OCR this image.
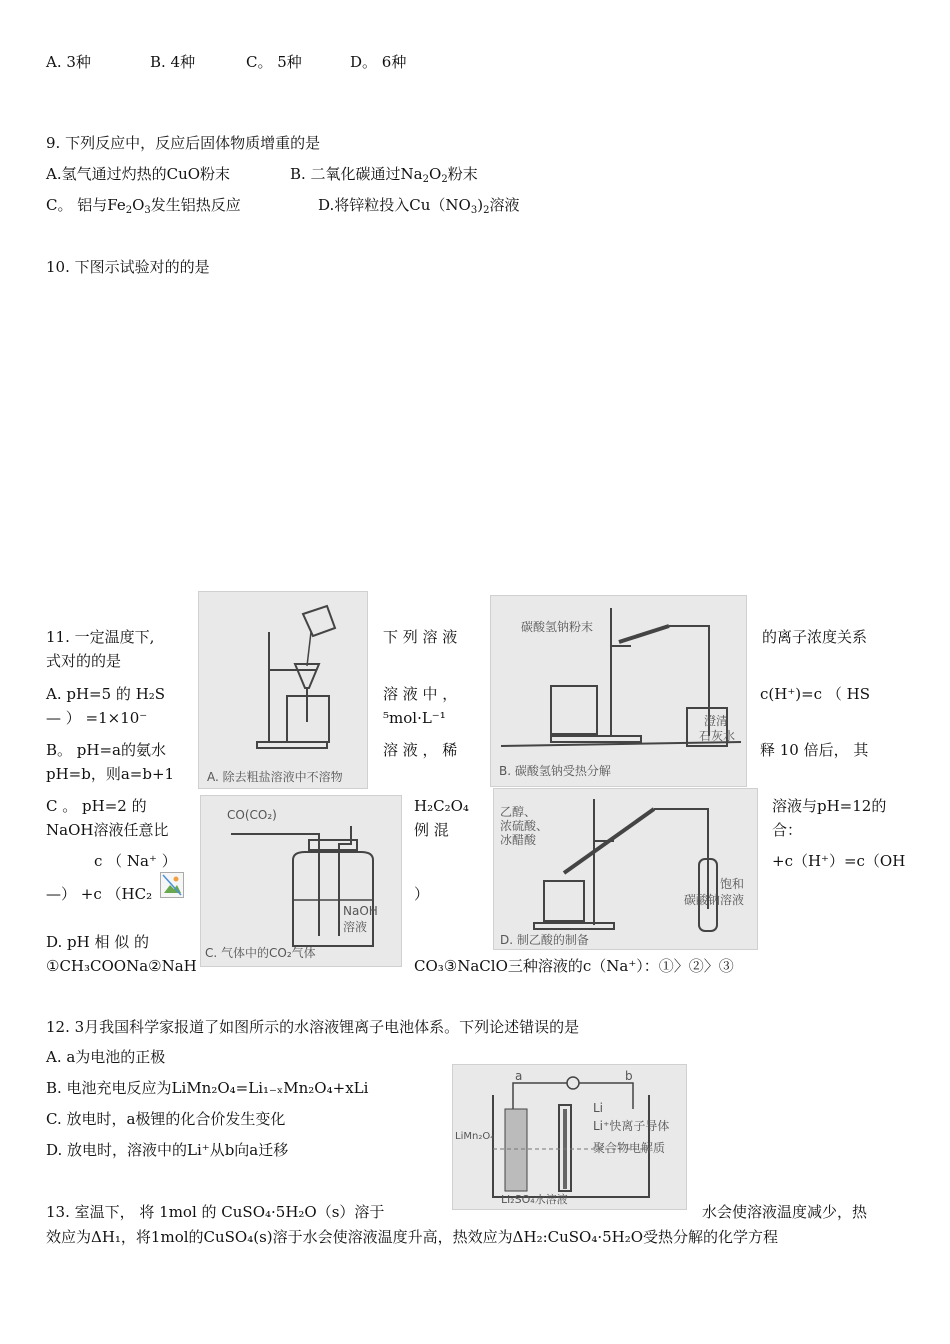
A. 3种	B. 4种	C。 5种	D。 6种
9. 下列反应中，反应后固体物质增重的是
A.氢气通过灼热的CuO粉末	B. 二氧化碳通过$Na_2O_2$粉末
C。 铝与$Fe_2O_3$发生铝热反应	D.将锌粒投入$Cu(NO_3)_2$溶液
10. 下图示试验对的的是
A. 除去粗盐溶液中不溶物
碳酸氢钠粉末
澄清
石灰水
B. 碳酸氢钠受热分解
CO(CO₂)
NaOH
溶液
C. 气体中的CO₂气体
乙醇、
浓硫酸、
冰醋酸
饱和
碳酸钠溶液
D. 制乙酸的制备
11. 一定温度下,	下 列 溶 液	的离子浓度关系
式对的的是
A. pH=5 的 H₂S	溶 液 中 ，	c(H⁺)=c （ HS
— ） =1×10⁻	⁵mol·L⁻¹
B。 pH=a的氨水	溶 液 ， 稀	释 10 倍后， 其
pH=b，则a=b+1
C 。 pH=2 的	H₂C₂O₄	溶液与pH=12的
NaOH溶液任意比	例 混	合：
c （ Na⁺ ）	+c（H⁺）=c（OH
—） +c （HC₂	）
D. pH 相 似 的
①CH₃COONa②NaH	CO₃③NaClO三种溶液的c（Na⁺）：①〉②〉③
12. 3月我国科学家报道了如图所示的水溶液锂离子电池体系。下列论述错误的是
A. a为电池的正极
B. 电池充电反应为LiMn₂O₄=Li₁₋ₓMn₂O₄+xLi
C. 放电时，a极锂的化合价发生变化
D. 放电时，溶液中的Li⁺从b向a迁移
a	b
LiMn₂O₄
Li
Li⁺快离子导体
聚合物电解质
Li₂SO₄水溶液
13. 室温下， 将 1mol 的 CuSO₄·5H₂O（s）溶于	水会使溶液温度减少，热
效应为ΔH₁，将1mol的CuSO₄(s)溶于水会使溶液温度升高，热效应为ΔH₂:CuSO₄·5H₂O受热分解的化学方程
